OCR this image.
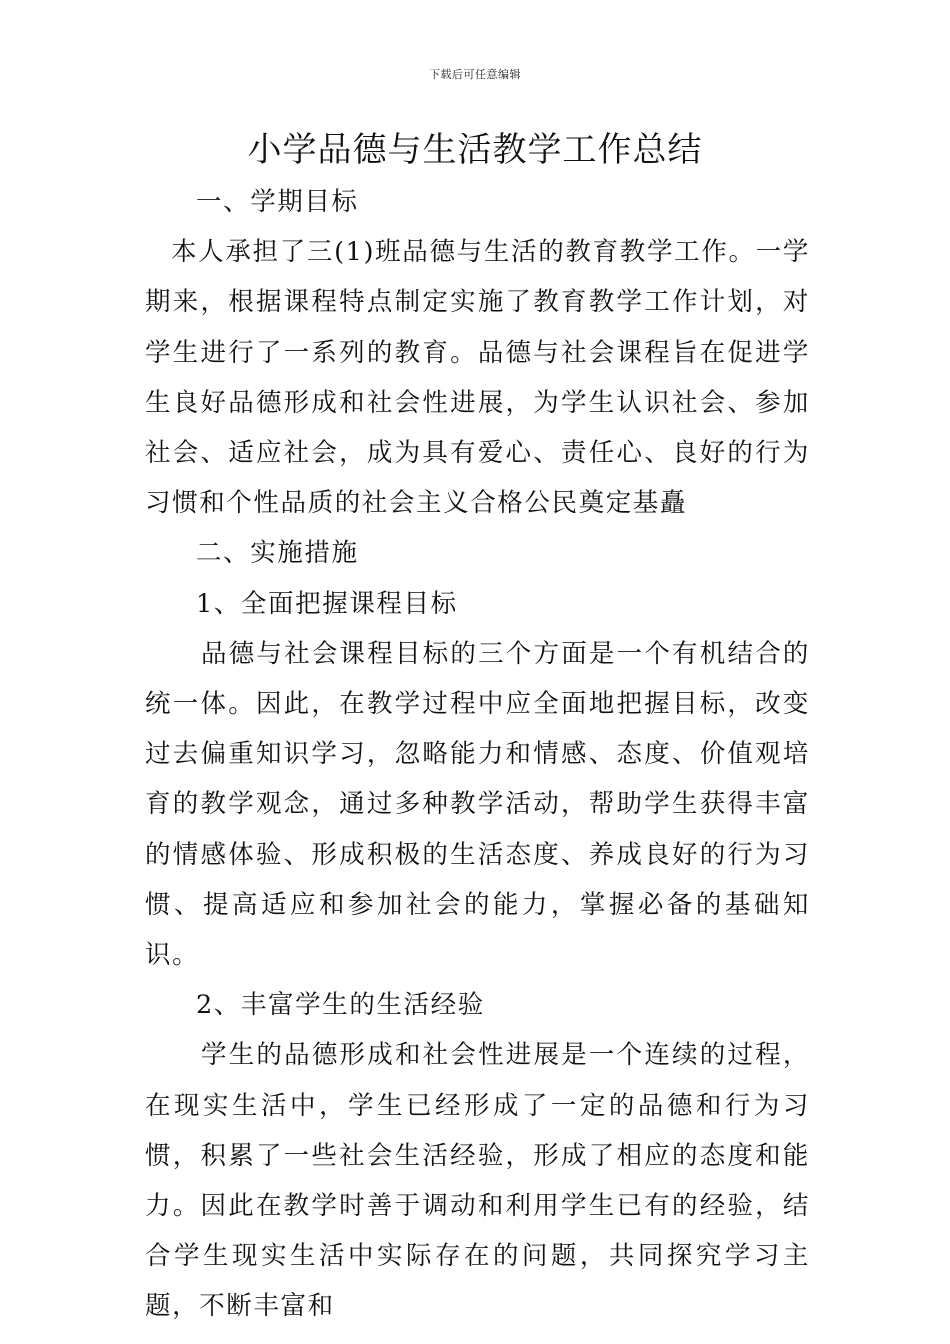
下载后可任意编辑
小学品德与生活教学工作总结

一、学期目标

本人承担了三(1)班品德与生活的教育教学工作。一学期来，根据课程特点制定实施了教育教学工作计划，对学生进行了一系列的教育。品德与社会课程旨在促进学生良好品德形成和社会性进展，为学生认识社会、参加社会、适应社会，成为具有爱心、责任心、良好的行为习惯和个性品质的社会主义合格公民奠定基矗

二、实施措施

1、全面把握课程目标

品德与社会课程目标的三个方面是一个有机结合的统一体。因此，在教学过程中应全面地把握目标，改变过去偏重知识学习，忽略能力和情感、态度、价值观培育的教学观念，通过多种教学活动，帮助学生获得丰富的情感体验、形成积极的生活态度、养成良好的行为习惯、提高适应和参加社会的能力，掌握必备的基础知识。

2、丰富学生的生活经验

学生的品德形成和社会性进展是一个连续的过程，在现实生活中，学生已经形成了一定的品德和行为习惯，积累了一些社会生活经验，形成了相应的态度和能力。因此在教学时善于调动和利用学生已有的经验，结合学生现实生活中实际存在的问题，共同探究学习主题，不断丰富和
